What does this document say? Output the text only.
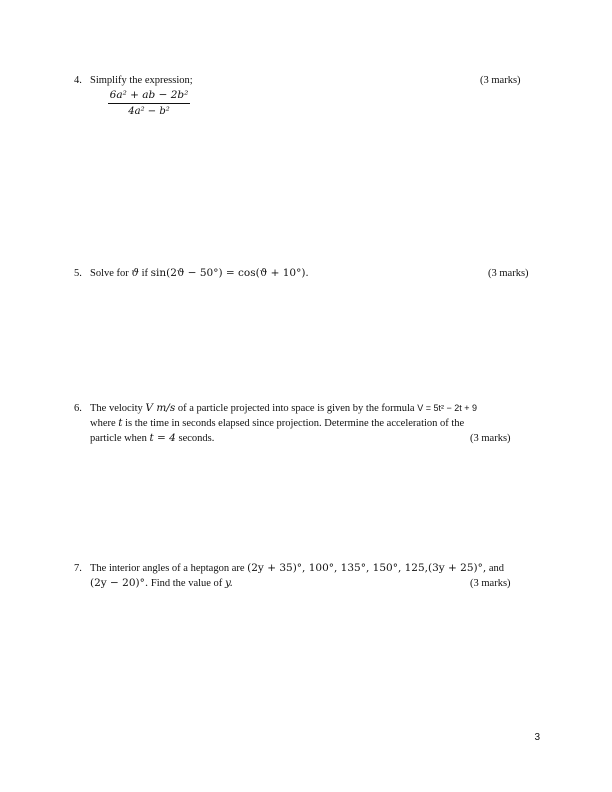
4. Simplify the expression;	(3 marks)
6a² + ab − 2b²
4a² − b²
5. Solve for ϑ if sin(2ϑ − 50°) = cos(ϑ + 10°).	(3 marks)
6. The velocity V m/s of a particle projected into space is given by the formula V = 5t² − 2t + 9
where t is the time in seconds elapsed since projection. Determine the acceleration of the
particle when t = 4 seconds.	(3 marks)
7. The interior angles of a heptagon are (2y + 35)°, 100°, 135°, 150°, 125,(3y + 25)°, and
(2y − 20)°. Find the value of y.	(3 marks)
3
